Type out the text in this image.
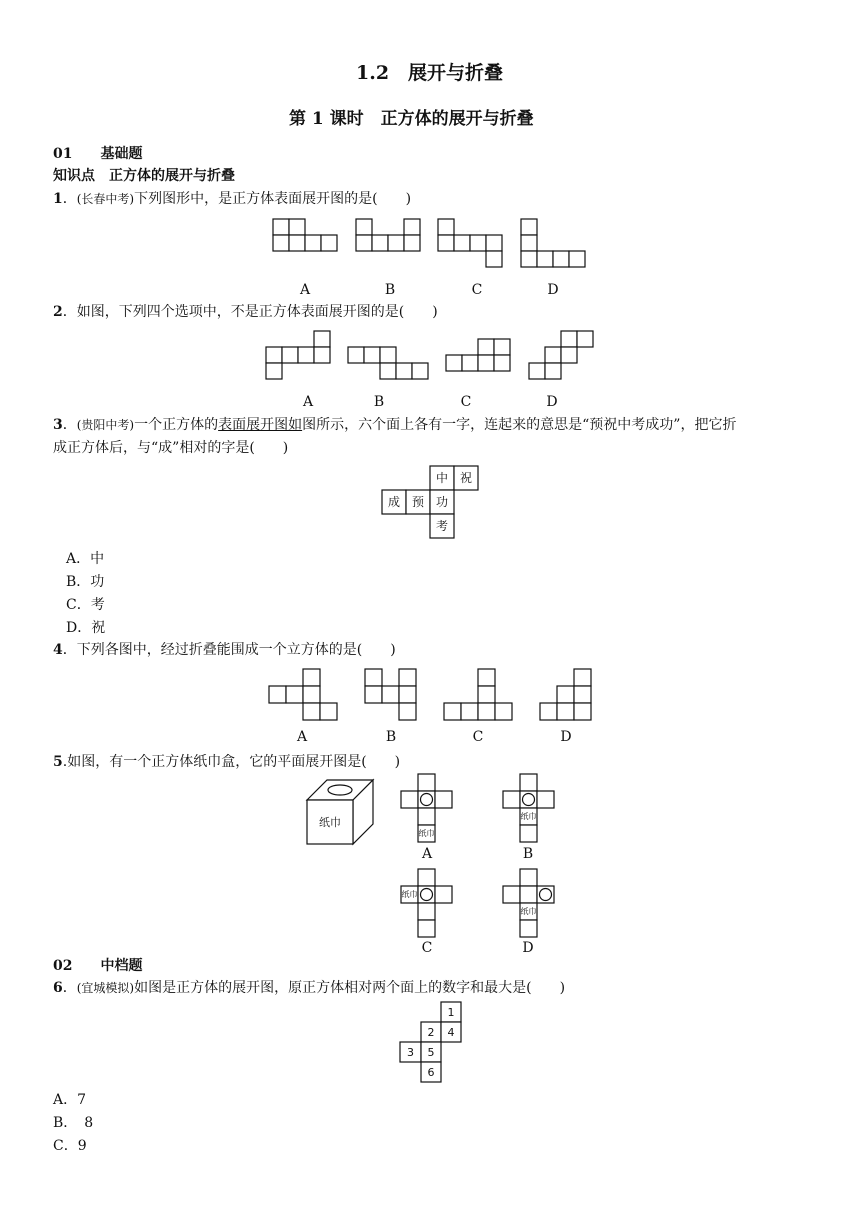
1.2　展开与折叠
第 1 课时　正方体的展开与折叠
01 基础题
知识点　正方体的展开与折叠
1．(长春中考)下列图形中，是正方体表面展开图的是(　　)
A	B	C	D
2．如图，下列四个选项中，不是正方体表面展开图的是(　　)
A	B	C	D
3．(贵阳中考)一个正方体的表面展开图如图所示，六个面上各有一字，连起来的意思是“预祝中考成功”，把它折
成正方体后，与“成”相对的字是(　　)
中 祝
成 预 功
考
A．中
B．功
C．考
D．祝
4．下列各图中，经过折叠能围成一个立方体的是(　　)
A	B	C	D
5.如图，有一个正方体纸巾盒，它的平面展开图是(　　)
纸巾
纸巾
纸巾
纸巾
纸巾
A	B
C	D
02 中档题
6．(宜城模拟)如图是正方体的展开图，原正方体相对两个面上的数字和最大是(　　)
1
2 4
3 5
6
A．7
B．　8
C．9
